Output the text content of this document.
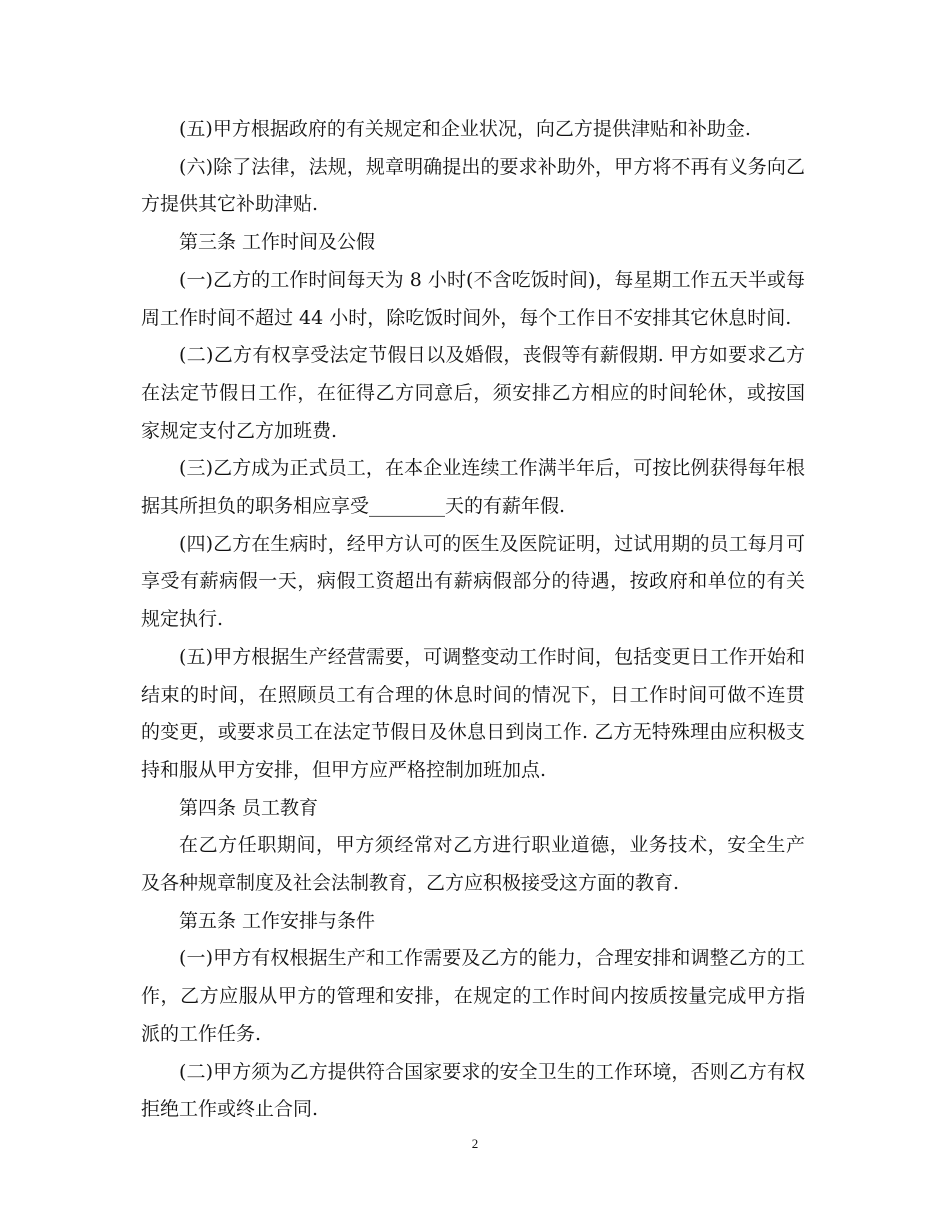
(五)甲方根据政府的有关规定和企业状况，向乙方提供津贴和补助金.

(六)除了法律，法规，规章明确提出的要求补助外，甲方将不再有义务向乙方提供其它补助津贴.

第三条 工作时间及公假

(一)乙方的工作时间每天为 8 小时(不含吃饭时间)，每星期工作五天半或每周工作时间不超过 44 小时，除吃饭时间外，每个工作日不安排其它休息时间.

(二)乙方有权享受法定节假日以及婚假，丧假等有薪假期. 甲方如要求乙方在法定节假日工作，在征得乙方同意后，须安排乙方相应的时间轮休，或按国家规定支付乙方加班费.

(三)乙方成为正式员工，在本企业连续工作满半年后，可按比例获得每年根据其所担负的职务相应享受________天的有薪年假.

(四)乙方在生病时，经甲方认可的医生及医院证明，过试用期的员工每月可享受有薪病假一天，病假工资超出有薪病假部分的待遇，按政府和单位的有关规定执行.

(五)甲方根据生产经营需要，可调整变动工作时间，包括变更日工作开始和结束的时间，在照顾员工有合理的休息时间的情况下，日工作时间可做不连贯的变更，或要求员工在法定节假日及休息日到岗工作. 乙方无特殊理由应积极支持和服从甲方安排，但甲方应严格控制加班加点.

第四条 员工教育

在乙方任职期间，甲方须经常对乙方进行职业道德，业务技术，安全生产及各种规章制度及社会法制教育，乙方应积极接受这方面的教育.

第五条 工作安排与条件

(一)甲方有权根据生产和工作需要及乙方的能力，合理安排和调整乙方的工作，乙方应服从甲方的管理和安排，在规定的工作时间内按质按量完成甲方指派的工作任务.

(二)甲方须为乙方提供符合国家要求的安全卫生的工作环境，否则乙方有权拒绝工作或终止合同.

2
